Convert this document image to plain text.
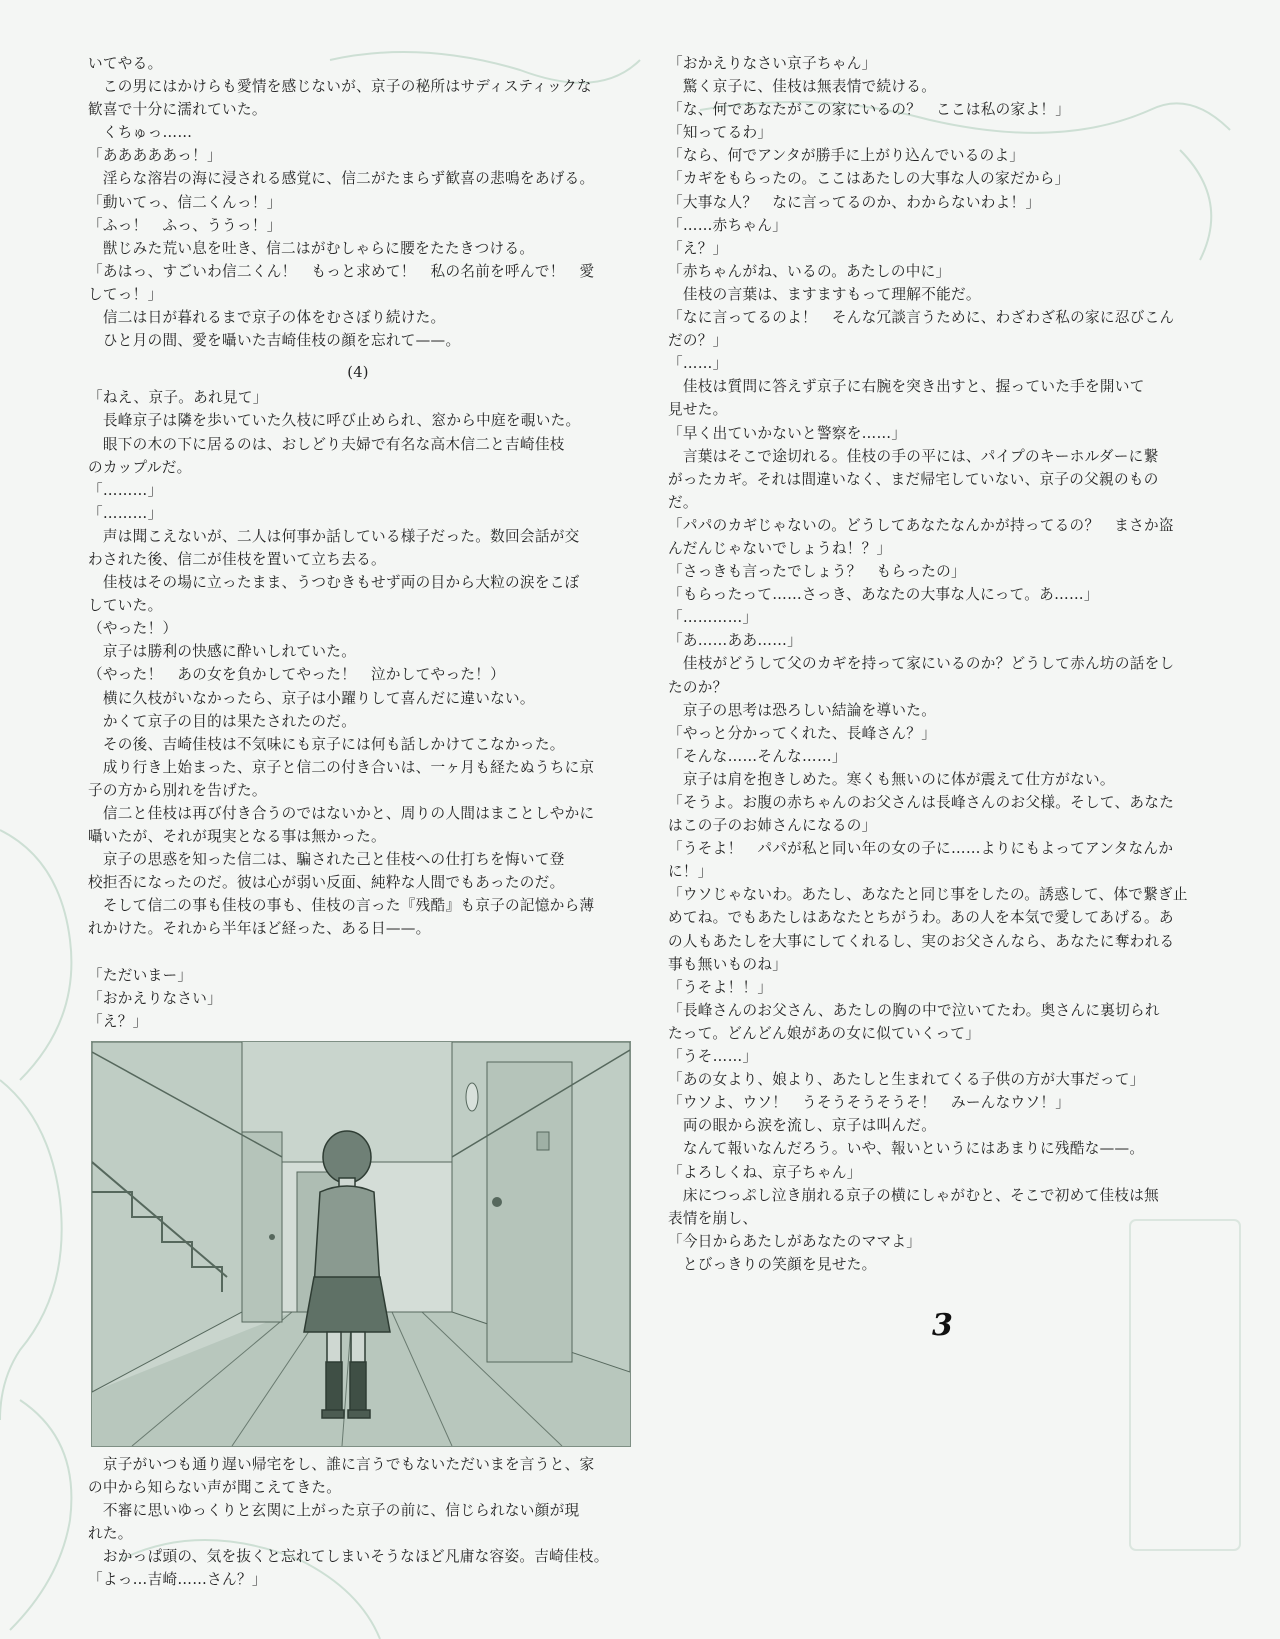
いてやる。

　この男にはかけらも愛情を感じないが、京子の秘所はサディスティックな

歓喜で十分に濡れていた。

　くちゅっ……

「あああああっ！」

　淫らな溶岩の海に浸される感覚に、信二がたまらず歓喜の悲鳴をあげる。

「動いてっ、信二くんっ！」

「ふっ！　ふっ、ううっ！」

　獣じみた荒い息を吐き、信二はがむしゃらに腰をたたきつける。

「あはっ、すごいわ信二くん！　もっと求めて！　私の名前を呼んで！　愛

してっ！」

　信二は日が暮れるまで京子の体をむさぼり続けた。

　ひと月の間、愛を囁いた吉崎佳枝の顔を忘れて——。

(4)

「ねえ、京子。あれ見て」

　長峰京子は隣を歩いていた久枝に呼び止められ、窓から中庭を覗いた。

　眼下の木の下に居るのは、おしどり夫婦で有名な高木信二と吉崎佳枝

のカップルだ。

「………」

「………」

　声は聞こえないが、二人は何事か話している様子だった。数回会話が交

わされた後、信二が佳枝を置いて立ち去る。

　佳枝はその場に立ったまま、うつむきもせず両の目から大粒の涙をこぼ

していた。

（やった！）

　京子は勝利の快感に酔いしれていた。

（やった！　あの女を負かしてやった！　泣かしてやった！）

　横に久枝がいなかったら、京子は小躍りして喜んだに違いない。

　かくて京子の目的は果たされたのだ。

　その後、吉崎佳枝は不気味にも京子には何も話しかけてこなかった。

　成り行き上始まった、京子と信二の付き合いは、一ヶ月も経たぬうちに京

子の方から別れを告げた。

　信二と佳枝は再び付き合うのではないかと、周りの人間はまことしやかに

囁いたが、それが現実となる事は無かった。

　京子の思惑を知った信二は、騙された己と佳枝への仕打ちを悔いて登

校拒否になったのだ。彼は心が弱い反面、純粋な人間でもあったのだ。

　そして信二の事も佳枝の事も、佳枝の言った『残酷』も京子の記憶から薄

れかけた。それから半年ほど経った、ある日——。

「ただいまー」

「おかえりなさい」

「え？」

　京子がいつも通り遅い帰宅をし、誰に言うでもないただいまを言うと、家

の中から知らない声が聞こえてきた。

　不審に思いゆっくりと玄関に上がった京子の前に、信じられない顔が現

れた。

　おかっぱ頭の、気を抜くと忘れてしまいそうなほど凡庸な容姿。吉崎佳枝。

「よっ…吉崎……さん？」

「おかえりなさい京子ちゃん」

　驚く京子に、佳枝は無表情で続ける。

「な、何であなたがこの家にいるの？　ここは私の家よ！」

「知ってるわ」

「なら、何でアンタが勝手に上がり込んでいるのよ」

「カギをもらったの。ここはあたしの大事な人の家だから」

「大事な人？　なに言ってるのか、わからないわよ！」

「……赤ちゃん」

「え？」

「赤ちゃんがね、いるの。あたしの中に」

　佳枝の言葉は、ますますもって理解不能だ。

「なに言ってるのよ！　そんな冗談言うために、わざわざ私の家に忍びこん

だの？」

「……」

　佳枝は質問に答えず京子に右腕を突き出すと、握っていた手を開いて

見せた。

「早く出ていかないと警察を……」

　言葉はそこで途切れる。佳枝の手の平には、パイプのキーホルダーに繋

がったカギ。それは間違いなく、まだ帰宅していない、京子の父親のもの

だ。

「パパのカギじゃないの。どうしてあなたなんかが持ってるの？　まさか盗

んだんじゃないでしょうね！？」

「さっきも言ったでしょう？　もらったの」

「もらったって……さっき、あなたの大事な人にって。あ……」

「…………」

「あ……ああ……」

　佳枝がどうして父のカギを持って家にいるのか？どうして赤ん坊の話をし

たのか？

　京子の思考は恐ろしい結論を導いた。

「やっと分かってくれた、長峰さん？」

「そんな……そんな……」

　京子は肩を抱きしめた。寒くも無いのに体が震えて仕方がない。

「そうよ。お腹の赤ちゃんのお父さんは長峰さんのお父様。そして、あなた

はこの子のお姉さんになるの」

「うそよ！　パパが私と同い年の女の子に……よりにもよってアンタなんか

に！」

「ウソじゃないわ。あたし、あなたと同じ事をしたの。誘惑して、体で繋ぎ止

めてね。でもあたしはあなたとちがうわ。あの人を本気で愛してあげる。あ

の人もあたしを大事にしてくれるし、実のお父さんなら、あなたに奪われる

事も無いものね」

「うそよ！！」

「長峰さんのお父さん、あたしの胸の中で泣いてたわ。奥さんに裏切られ

たって。どんどん娘があの女に似ていくって」

「うそ……」

「あの女より、娘より、あたしと生まれてくる子供の方が大事だって」

「ウソよ、ウソ！　うそうそうそうそ！　みーんなウソ！」

　両の眼から涙を流し、京子は叫んだ。

　なんて報いなんだろう。いや、報いというにはあまりに残酷な——。

「よろしくね、京子ちゃん」

　床につっぷし泣き崩れる京子の横にしゃがむと、そこで初めて佳枝は無

表情を崩し、

「今日からあたしがあなたのママよ」

　とびっきりの笑顔を見せた。

3
